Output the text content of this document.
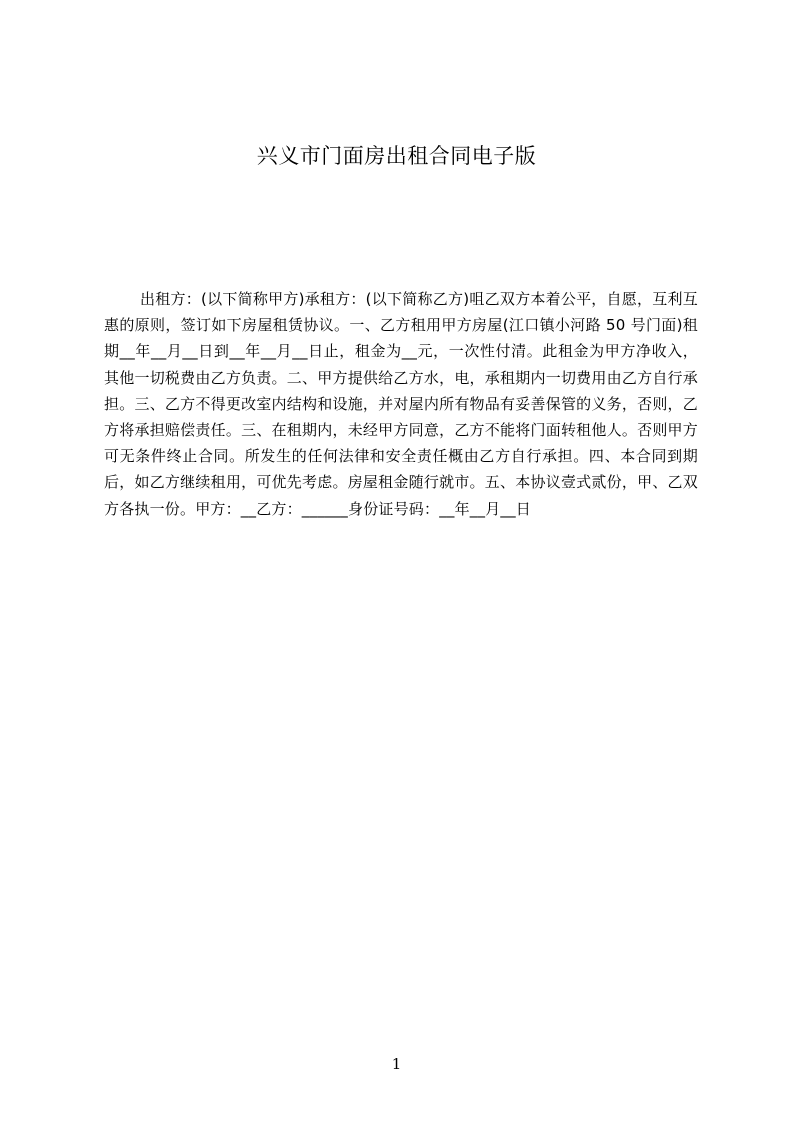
兴义市门面房出租合同电子版

出租方：(以下简称甲方)承租方：(以下简称乙方)咀乙双方本着公平，自愿，互利互惠的原则，签订如下房屋租赁协议。一、乙方租用甲方房屋(江口镇小河路 50 号门面)租期__年__月__日到__年__月__日止，租金为__元，一次性付清。此租金为甲方净收入，其他一切税费由乙方负责。二、甲方提供给乙方水，电，承租期内一切费用由乙方自行承担。三、乙方不得更改室内结构和设施，并对屋内所有物品有妥善保管的义务，否则，乙方将承担赔偿责任。三、在租期内，未经甲方同意，乙方不能将门面转租他人。否则甲方可无条件终止合同。所发生的任何法律和安全责任概由乙方自行承担。四、本合同到期后，如乙方继续租用，可优先考虑。房屋租金随行就市。五、本协议壹式贰份，甲、乙双方各执一份。甲方：__乙方：______身份证号码：__年__月__日

1
